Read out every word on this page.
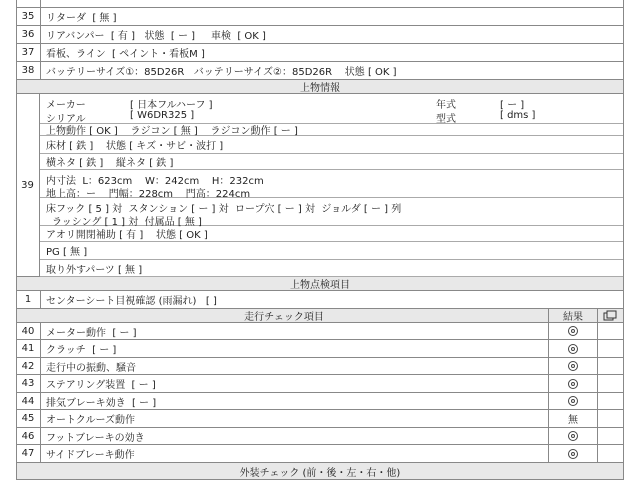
35	リターダ  [ 無 ]
36	リアバンパー  [ 有 ]   状態  [ ー ]     車検  [ OK ]
37	看板、ライン  [ ペイント・看板M ]
38	バッテリーサイズ①：85D26R   バッテリーサイズ②：85D26R    状態 [ OK ]
上物情報
39
メーカー	[ 日本フルハーフ ]	年式	[ ー ]
シリアル	[ W6DR325 ]	型式	[ dms ]
上物動作 [ OK ]    ラジコン [ 無 ]    ラジコン動作 [ ー ]
床材 [ 鉄 ]    状態 [ キズ・サビ・波打 ]
横ネタ [ 鉄 ]    縦ネタ [ 鉄 ]
内寸法  L：623cm    W：242cm    H：232cm
地上高：ー    門幅：228cm    門高：224cm
床フック [ 5 ] 対  スタンション [ ー ] 対  ロープ穴 [ ー ] 対  ジョルダ [ ー ] 列
ラッシング [ 1 ] 対  付属品 [ 無 ]
アオリ開閉補助 [ 有 ]    状態 [ OK ]
PG [ 無 ]
取り外すパーツ [ 無 ]
上物点検項目
1	センターシート目視確認 (雨漏れ)   [ ]
走行チェック項目	結果
40	メーター動作  [ ー ]
41	クラッチ  [ ー ]
42	走行中の振動、騒音
43	ステアリング装置  [ ー ]
44	排気ブレーキ効き  [ ー ]
45	オートクルーズ動作	無
46	フットブレーキの効き
47	サイドブレーキ動作
外装チェック (前・後・左・右・他)
